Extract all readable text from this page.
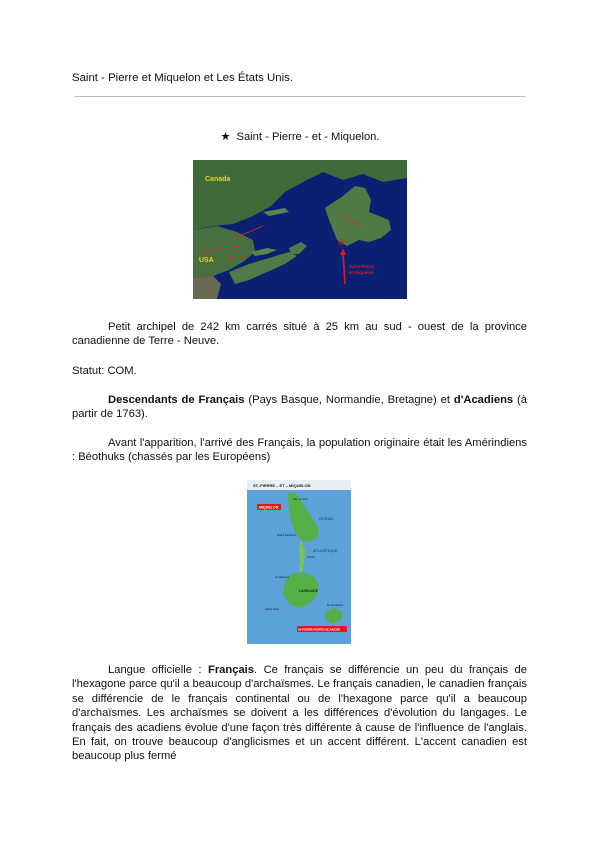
Saint - Pierre et Miquelon et Les États Unis.
★ Saint - Pierre - et - Miquelon.
Canada
USA
Saint-Pierre
et Miquelon
Petit archipel de 242 km carrés situé à 25 km au sud - ouest de la province canadienne de Terre - Neuve.
Statut: COM.
Descendants de Français (Pays Basque, Normandie, Bretagne) et d'Acadiens (à partir de 1763).
Avant l'apparition, l'arrivé des Français, la population originaire était les Amérindiens : Béothuks (chassés par les Européens)
ST.-PIERRE – ET – MIQUELON
MIQUELON
St-PIERRE-PORTE-BLANCHE
OCEAN
ATLANTIQUE
LANGLADE
Cap du Nord
Grand Barachois
Isthme
Le Chapeau
Pointe Plate
Île aux Marins
Langue officielle : Français. Ce français se différencie un peu du français de l'hexagone parce qu'il a beaucoup d'archaïsmes. Le français canadien, le canadien français se différencie de le français continental ou de l'hexagone parce qu'il a beaucoup d'archaïsmes. Les archaïsmes se doivent a les différences d'évolution du langages. Le français des acadiens évolue d'une façon très différente à cause de l'influence de l'anglais. En fait, on trouve beaucoup d'anglicismes et un accent différent. L'accent canadien est beaucoup plus fermé
